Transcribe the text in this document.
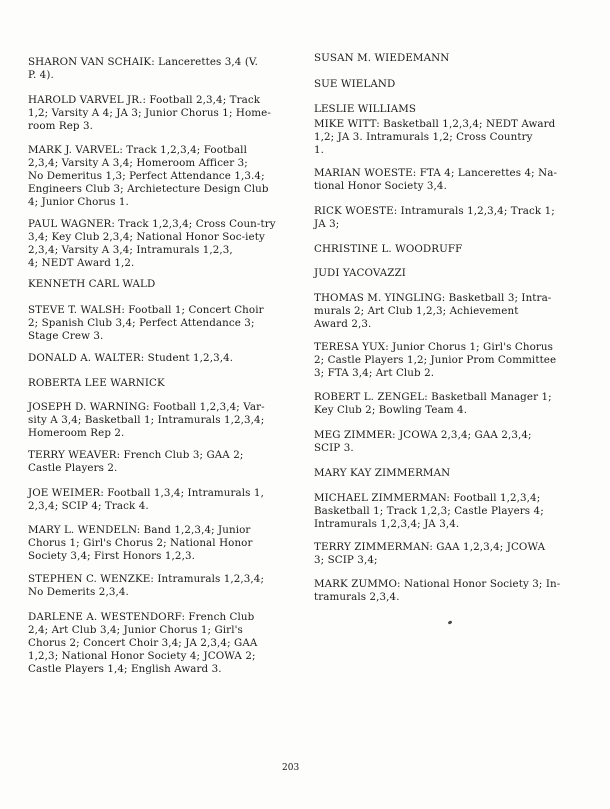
SHARON VAN SCHAIK: Lancerettes 3,4 (V.
P. 4).
HAROLD VARVEL JR.: Football 2,3,4; Track
1,2; Varsity A 4; JA 3; Junior Chorus 1; Home-
room Rep 3.
MARK J. VARVEL: Track 1,2,3,4; Football
2,3,4; Varsity A 3,4; Homeroom Afficer 3;
No Demeritus 1,3; Perfect Attendance 1,3.4;
Engineers Club 3; Archietecture Design Club
4; Junior Chorus 1.
PAUL WAGNER: Track 1,2,3,4; Cross Coun-try
3,4; Key Club 2,3,4; National Honor Soc-iety
2,3,4; Varsity A 3,4; Intramurals 1,2,3,
4; NEDT Award 1,2.
KENNETH CARL WALD
STEVE T. WALSH: Football 1; Concert Choir
2; Spanish Club 3,4; Perfect Attendance 3;
Stage Crew 3.
DONALD A. WALTER: Student 1,2,3,4.
ROBERTA LEE WARNICK
JOSEPH D. WARNING: Football 1,2,3,4; Var-
sity A 3,4; Basketball 1; Intramurals 1,2,3,4;
Homeroom Rep 2.
TERRY WEAVER: French Club 3; GAA 2;
Castle Players 2.
JOE WEIMER: Football 1,3,4; Intramurals 1,
2,3,4; SCIP 4; Track 4.
MARY L. WENDELN: Band 1,2,3,4; Junior
Chorus 1; Girl's Chorus 2; National Honor
Society 3,4; First Honors 1,2,3.
STEPHEN C. WENZKE: Intramurals 1,2,3,4;
No Demerits 2,3,4.
DARLENE A. WESTENDORF: French Club
2,4; Art Club 3,4; Junior Chorus 1; Girl's
Chorus 2; Concert Choir 3,4; JA 2,3,4; GAA
1,2,3; National Honor Society 4; JCOWA 2;
Castle Players 1,4; English Award 3.
SUSAN M. WIEDEMANN
SUE WIELAND
LESLIE WILLIAMS
MIKE WITT: Basketball 1,2,3,4; NEDT Award
1,2; JA 3. Intramurals 1,2; Cross Country
1.
MARIAN WOESTE: FTA 4; Lancerettes 4; Na-
tional Honor Society 3,4.
RICK WOESTE: Intramurals 1,2,3,4; Track 1;
JA 3;
CHRISTINE L. WOODRUFF
JUDI YACOVAZZI
THOMAS M. YINGLING: Basketball 3; Intra-
murals 2; Art Club 1,2,3; Achievement
Award 2,3.
TERESA YUX: Junior Chorus 1; Girl's Chorus
2; Castle Players 1,2; Junior Prom Committee
3; FTA 3,4; Art Club 2.
ROBERT L. ZENGEL: Basketball Manager 1;
Key Club 2; Bowling Team 4.
MEG ZIMMER: JCOWA 2,3,4; GAA 2,3,4;
SCIP 3.
MARY KAY ZIMMERMAN
MICHAEL ZIMMERMAN: Football 1,2,3,4;
Basketball 1; Track 1,2,3; Castle Players 4;
Intramurals 1,2,3,4; JA 3,4.
TERRY ZIMMERMAN: GAA 1,2,3,4; JCOWA
3; SCIP 3,4;
MARK ZUMMO: National Honor Society 3; In-
tramurals 2,3,4.
203
